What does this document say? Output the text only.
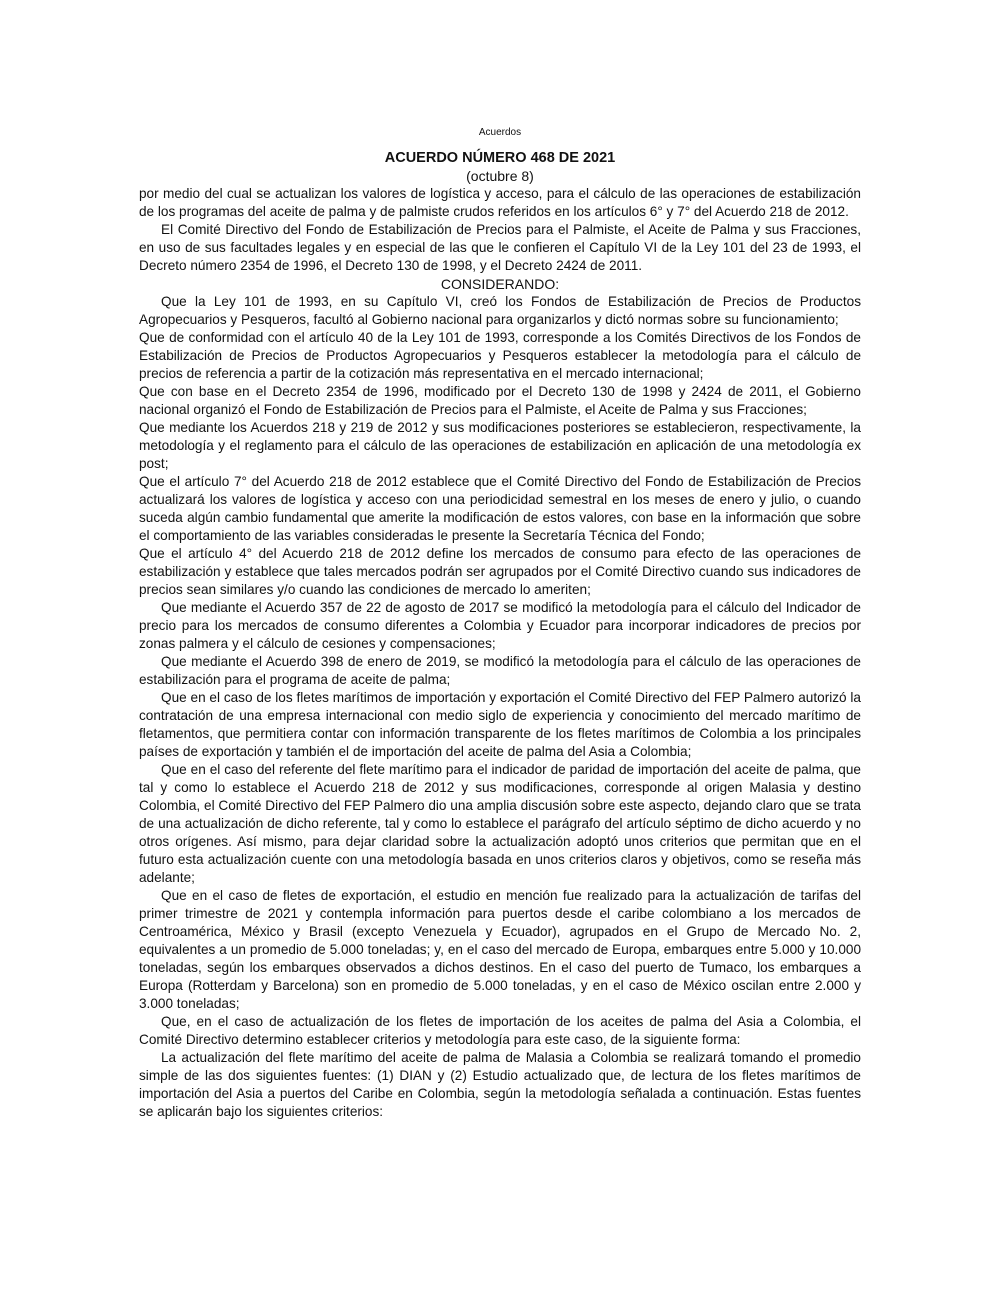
Acuerdos
ACUERDO NÚMERO 468 DE 2021
(octubre 8)

por medio del cual se actualizan los valores de logística y acceso, para el cálculo de las operaciones de estabilización de los programas del aceite de palma y de palmiste crudos referidos en los artículos 6° y 7° del Acuerdo 218 de 2012.

El Comité Directivo del Fondo de Estabilización de Precios para el Palmiste, el Aceite de Palma y sus Fracciones, en uso de sus facultades legales y en especial de las que le confieren el Capítulo VI de la Ley 101 del 23 de 1993, el Decreto número 2354 de 1996, el Decreto 130 de 1998, y el Decreto 2424 de 2011.

CONSIDERANDO:

Que la Ley 101 de 1993, en su Capítulo VI, creó los Fondos de Estabilización de Precios de Productos Agropecuarios y Pesqueros, facultó al Gobierno nacional para organizarlos y dictó normas sobre su funcionamiento;

Que de conformidad con el artículo 40 de la Ley 101 de 1993, corresponde a los Comités Directivos de los Fondos de Estabilización de Precios de Productos Agropecuarios y Pesqueros establecer la metodología para el cálculo de precios de referencia a partir de la cotización más representativa en el mercado internacional;

Que con base en el Decreto 2354 de 1996, modificado por el Decreto 130 de 1998 y 2424 de 2011, el Gobierno nacional organizó el Fondo de Estabilización de Precios para el Palmiste, el Aceite de Palma y sus Fracciones;

Que mediante los Acuerdos 218 y 219 de 2012 y sus modificaciones posteriores se establecieron, respectivamente, la metodología y el reglamento para el cálculo de las operaciones de estabilización en aplicación de una metodología ex post;

Que el artículo 7° del Acuerdo 218 de 2012 establece que el Comité Directivo del Fondo de Estabilización de Precios actualizará los valores de logística y acceso con una periodicidad semestral en los meses de enero y julio, o cuando suceda algún cambio fundamental que amerite la modificación de estos valores, con base en la información que sobre el comportamiento de las variables consideradas le presente la Secretaría Técnica del Fondo;

Que el artículo 4° del Acuerdo 218 de 2012 define los mercados de consumo para efecto de las operaciones de estabilización y establece que tales mercados podrán ser agrupados por el Comité Directivo cuando sus indicadores de precios sean similares y/o cuando las condiciones de mercado lo ameriten;

Que mediante el Acuerdo 357 de 22 de agosto de 2017 se modificó la metodología para el cálculo del Indicador de precio para los mercados de consumo diferentes a Colombia y Ecuador para incorporar indicadores de precios por zonas palmera y el cálculo de cesiones y compensaciones;

Que mediante el Acuerdo 398 de enero de 2019, se modificó la metodología para el cálculo de las operaciones de estabilización para el programa de aceite de palma;

Que en el caso de los fletes marítimos de importación y exportación el Comité Directivo del FEP Palmero autorizó la contratación de una empresa internacional con medio siglo de experiencia y conocimiento del mercado marítimo de fletamentos, que permitiera contar con información transparente de los fletes marítimos de Colombia a los principales países de exportación y también el de importación del aceite de palma del Asia a Colombia;

Que en el caso del referente del flete marítimo para el indicador de paridad de importación del aceite de palma, que tal y como lo establece el Acuerdo 218 de 2012 y sus modificaciones, corresponde al origen Malasia y destino Colombia, el Comité Directivo del FEP Palmero dio una amplia discusión sobre este aspecto, dejando claro que se trata de una actualización de dicho referente, tal y como lo establece el parágrafo del artículo séptimo de dicho acuerdo y no otros orígenes. Así mismo, para dejar claridad sobre la actualización adoptó unos criterios que permitan que en el futuro esta actualización cuente con una metodología basada en unos criterios claros y objetivos, como se reseña más adelante;

Que en el caso de fletes de exportación, el estudio en mención fue realizado para la actualización de tarifas del primer trimestre de 2021 y contempla información para puertos desde el caribe colombiano a los mercados de Centroamérica, México y Brasil (excepto Venezuela y Ecuador), agrupados en el Grupo de Mercado No. 2, equivalentes a un promedio de 5.000 toneladas; y, en el caso del mercado de Europa, embarques entre 5.000 y 10.000 toneladas, según los embarques observados a dichos destinos. En el caso del puerto de Tumaco, los embarques a Europa (Rotterdam y Barcelona) son en promedio de 5.000 toneladas, y en el caso de México oscilan entre 2.000 y 3.000 toneladas;

Que, en el caso de actualización de los fletes de importación de los aceites de palma del Asia a Colombia, el Comité Directivo determino establecer criterios y metodología para este caso, de la siguiente forma:

La actualización del flete marítimo del aceite de palma de Malasia a Colombia se realizará tomando el promedio simple de las dos siguientes fuentes: (1) DIAN y (2) Estudio actualizado que, de lectura de los fletes marítimos de importación del Asia a puertos del Caribe en Colombia, según la metodología señalada a continuación. Estas fuentes se aplicarán bajo los siguientes criterios:
